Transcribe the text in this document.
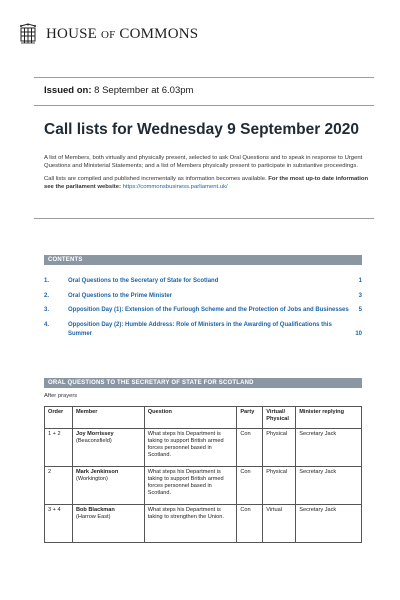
HOUSE OF COMMONS
Issued on: 8 September at 6.03pm
Call lists for Wednesday 9 September 2020

A list of Members, both virtually and physically present, selected to ask Oral Questions and to speak in response to Urgent Questions and Ministerial Statements; and a list of Members physically present to participate in substantive proceedings.

Call lists are compiled and published incrementally as information becomes available. For the most up-to date information see the parliament website: https://commonsbusiness.parliament.uk/

CONTENTS
1.	Oral Questions to the Secretary of State for Scotland	1
2.	Oral Questions to the Prime Minister	3
3.	Opposition Day (1): Extension of the Furlough Scheme and the Protection of Jobs and Businesses	5
4.	Opposition Day (2): Humble Address: Role of Ministers in the Awarding of Qualifications this Summer	10
ORAL QUESTIONS TO THE SECRETARY OF STATE FOR SCOTLAND
After prayers
Order	Member	Question	Party	Virtual/ Physical	Minister replying
1 + 2	Joy Morrissey
(Beaconsfield)	What steps his Department is taking to support British armed forces personnel based in Scotland.	Con	Physical	Secretary Jack
2	Mark Jenkinson
(Workington)	What steps his Department is taking to support British armed forces personnel based in Scotland.	Con	Physical	Secretary Jack
3 + 4	Bob Blackman
(Harrow East)	What steps his Department is taking to strengthen the Union.	Con	Virtual	Secretary Jack
